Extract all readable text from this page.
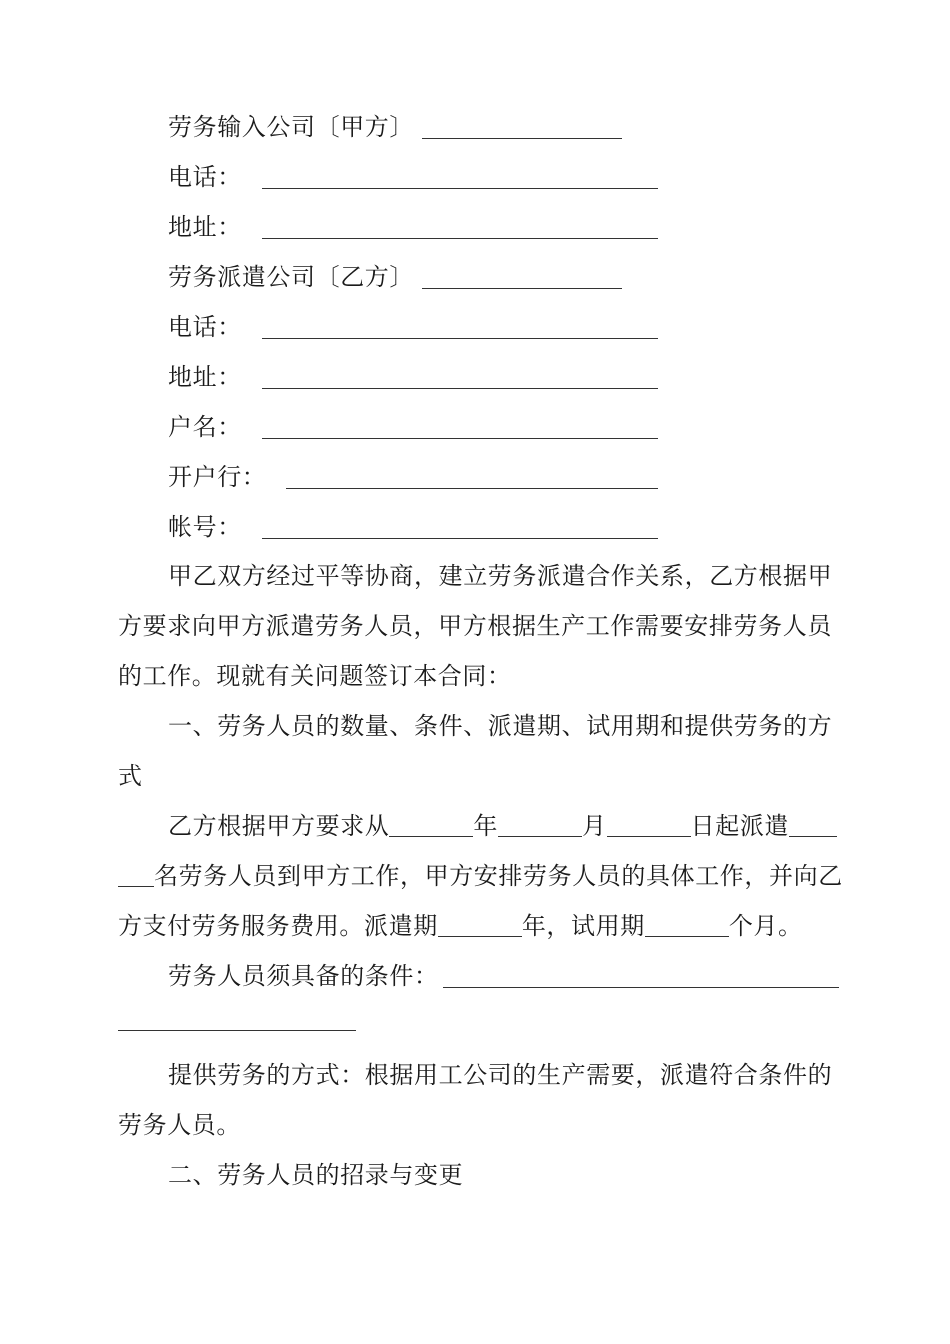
劳务输入公司〔甲方〕
电话：
地址：
劳务派遣公司〔乙方〕
电话：
地址：
户名：
开户行：
帐号：
甲乙双方经过平等协商，建立劳务派遣合作关系，乙方根据甲
方要求向甲方派遣劳务人员，甲方根据生产工作需要安排劳务人员
的工作。现就有关问题签订本合同：
一、劳务人员的数量、条件、派遣期、试用期和提供劳务的方
式
乙方根据甲方要求从	年	月	日起派遣
名劳务人员到甲方工作，甲方安排劳务人员的具体工作，并向乙
方支付劳务服务费用。派遣期	年，试用期	个月。
劳务人员须具备的条件：
提供劳务的方式：根据用工公司的生产需要，派遣符合条件的
劳务人员。
二、劳务人员的招录与变更
